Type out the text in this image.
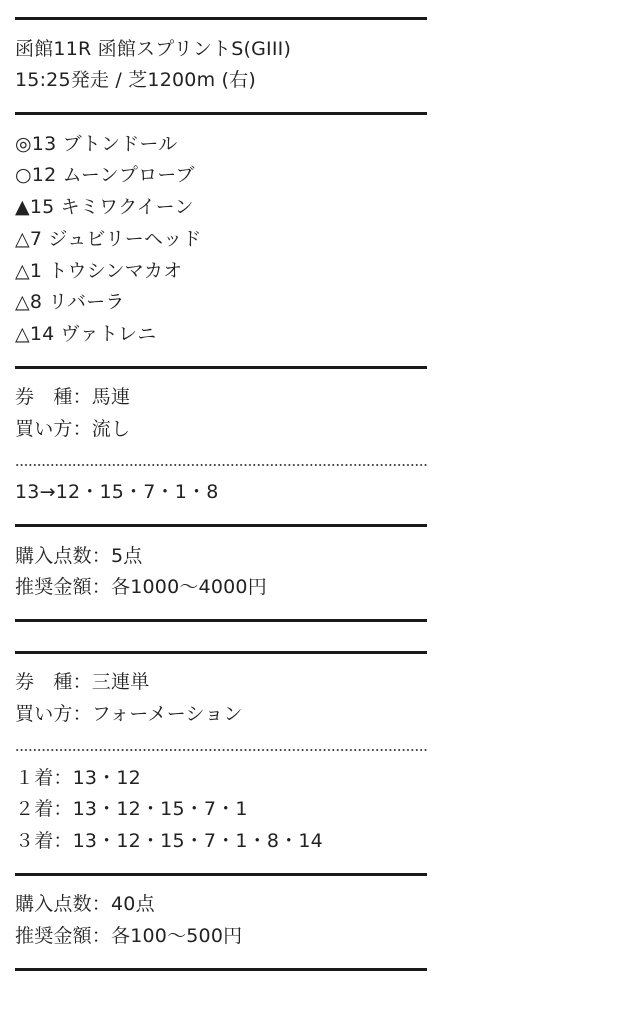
函館11R 函館スプリントS(GIII)
15:25発走 / 芝1200m (右)
◎13 ブトンドール
○12 ムーンプローブ
▲15 キミワクイーン
△7 ジュビリーヘッド
△1 トウシンマカオ
△8 リバーラ
△14 ヴァトレニ
券　種：馬連
買い方：流し
13→12・15・7・1・8
購入点数：5点
推奨金額：各1000〜4000円
券　種：三連単
買い方：フォーメーション
１着：13・12
２着：13・12・15・7・1
３着：13・12・15・7・1・8・14
購入点数：40点
推奨金額：各100〜500円
